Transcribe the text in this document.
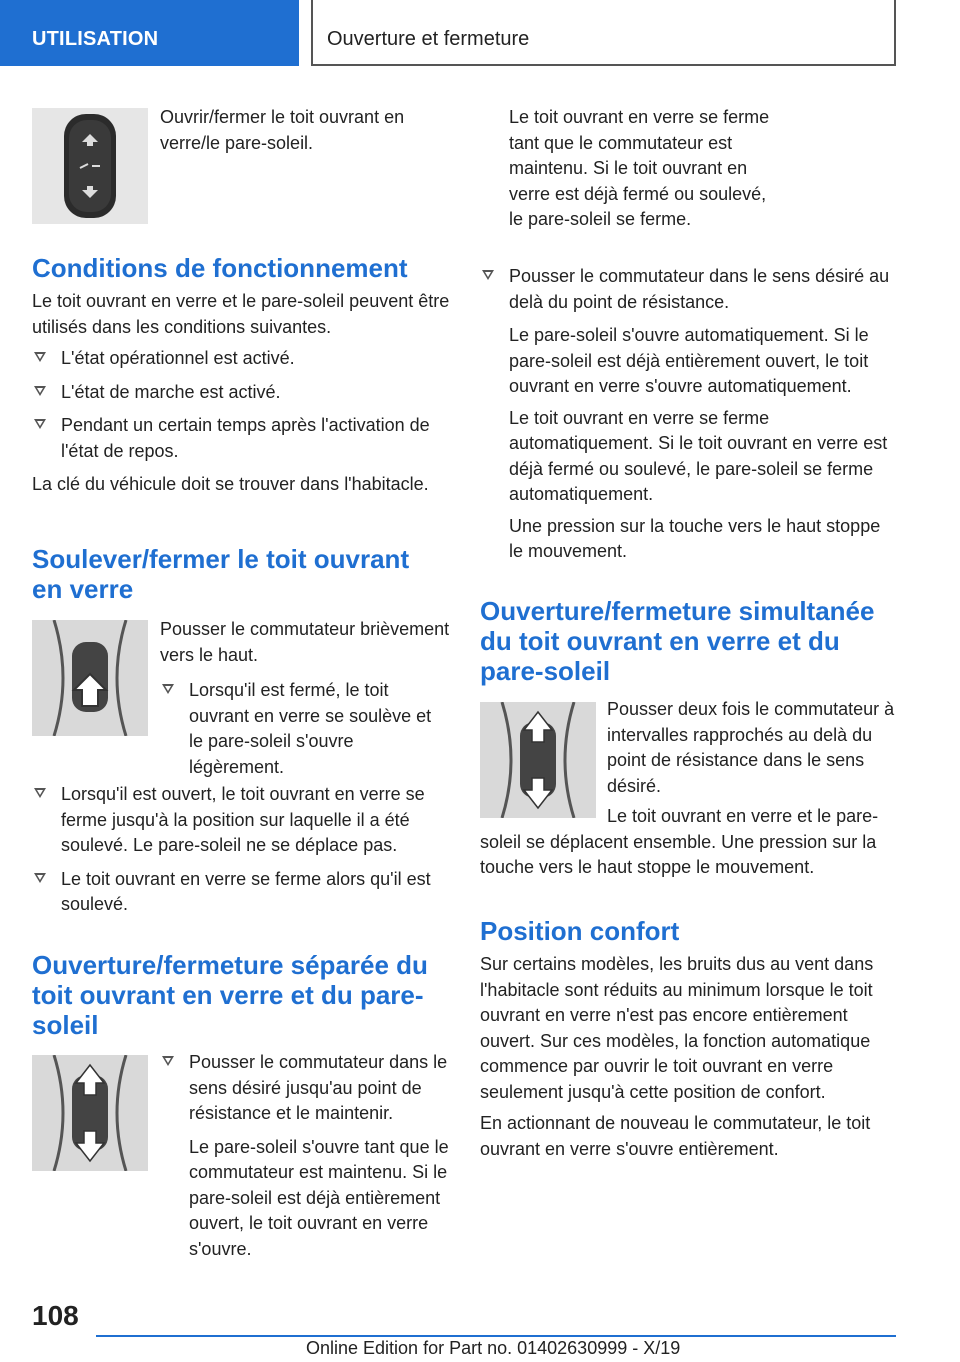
UTILISATION	Ouverture et fermeture
Ouvrir/fermer le toit ouvrant en verre/le pare-soleil.
Conditions de fonctionnement
Le toit ouvrant en verre et le pare-soleil peuvent être utilisés dans les conditions suivantes.
L'état opérationnel est activé.
L'état de marche est activé.
Pendant un certain temps après l'activation de l'état de repos.
La clé du véhicule doit se trouver dans l'habitacle.
Soulever/fermer le toit ouvrant en verre
Pousser le commutateur brièvement vers le haut.
Lorsqu'il est fermé, le toit ouvrant en verre se soulève et le pare-soleil s'ouvre légèrement.
Lorsqu'il est ouvert, le toit ouvrant en verre se ferme jusqu'à la position sur laquelle il a été soulevé. Le pare-soleil ne se déplace pas.
Le toit ouvrant en verre se ferme alors qu'il est soulevé.
Ouverture/fermeture séparée du toit ouvrant en verre et du pare-soleil
Pousser le commutateur dans le sens désiré jusqu'au point de résistance et le maintenir.
Le pare-soleil s'ouvre tant que le commutateur est maintenu. Si le pare-soleil est déjà entièrement ouvert, le toit ouvrant en verre s'ouvre.
Le toit ouvrant en verre se ferme tant que le commutateur est maintenu. Si le toit ouvrant en verre est déjà fermé ou soulevé, le pare-soleil se ferme.
Pousser le commutateur dans le sens désiré au delà du point de résistance.
Le pare-soleil s'ouvre automatiquement. Si le pare-soleil est déjà entièrement ouvert, le toit ouvrant en verre s'ouvre automatiquement.
Le toit ouvrant en verre se ferme automatiquement. Si le toit ouvrant en verre est déjà fermé ou soulevé, le pare-soleil se ferme automatiquement.
Une pression sur la touche vers le haut stoppe le mouvement.
Ouverture/fermeture simultanée du toit ouvrant en verre et du pare-soleil
Pousser deux fois le commutateur à intervalles rapprochés au delà du point de résistance dans le sens désiré.
Le toit ouvrant en verre et le pare-soleil se déplacent ensemble. Une pression sur la touche vers le haut stoppe le mouvement.
Position confort
Sur certains modèles, les bruits dus au vent dans l'habitacle sont réduits au minimum lorsque le toit ouvrant en verre n'est pas encore entièrement ouvert. Sur ces modèles, la fonction automatique commence par ouvrir le toit ouvrant en verre seulement jusqu'à cette position de confort.
En actionnant de nouveau le commutateur, le toit ouvrant en verre s'ouvre entièrement.
108
Online Edition for Part no. 01402630999 - X/19
